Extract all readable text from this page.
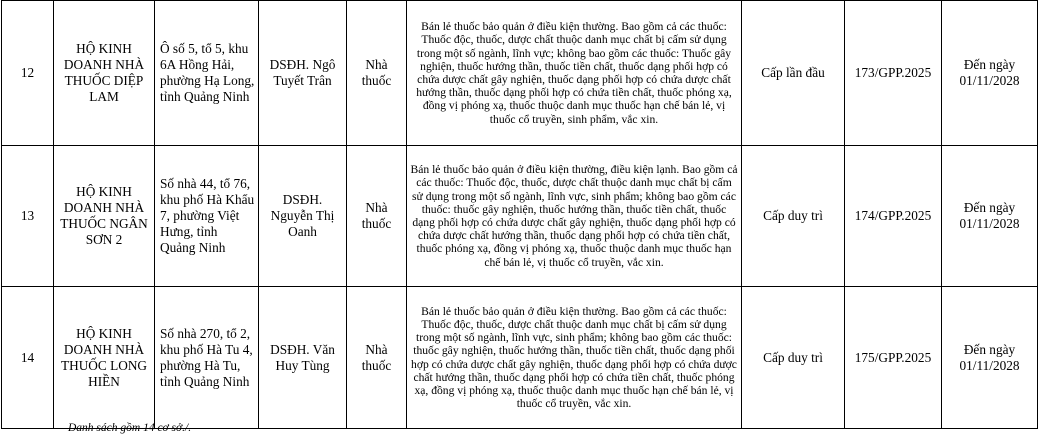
12	HỘ KINH DOANH NHÀ THUỐC DIỆP LAM	Ô số 5, tổ 5, khu 6A Hồng Hải, phường Hạ Long, tỉnh Quảng Ninh	DSĐH. Ngô Tuyết Trân	Nhà thuốc	Bán lẻ thuốc bảo quản ở điều kiện thường. Bao gồm cả các thuốc: Thuốc độc, thuốc, dược chất thuộc danh mục chất bị cấm sử dụng trong một số ngành, lĩnh vực; không bao gồm các thuốc: Thuốc gây nghiện, thuốc hướng thần, thuốc tiền chất, thuốc dạng phối hợp có chứa dược chất gây nghiện, thuốc dạng phối hợp có chứa dược chất hướng thần, thuốc dạng phối hợp có chứa tiền chất, thuốc phóng xạ, đồng vị phóng xạ, thuốc thuộc danh mục thuốc hạn chế bán lẻ, vị thuốc cổ truyền, sinh phẩm, vắc xin.	Cấp lần đầu	173/GPP.2025	Đến ngày 01/11/2028
13	HỘ KINH DOANH NHÀ THUỐC NGÂN SƠN 2	Số nhà 44, tổ 76, khu phố Hà Khẩu 7, phường Việt Hưng, tỉnh Quảng Ninh	DSĐH. Nguyễn Thị Oanh	Nhà thuốc	Bán lẻ thuốc bảo quản ở điều kiện thường, điều kiện lạnh. Bao gồm cả các thuốc: Thuốc độc, thuốc, dược chất thuộc danh mục chất bị cấm sử dụng trong một số ngành, lĩnh vực, sinh phẩm; không bao gồm các thuốc: thuốc gây nghiện, thuốc hướng thần, thuốc tiền chất, thuốc dạng phối hợp có chứa dược chất gây nghiện, thuốc dạng phối hợp có chứa dược chất hướng thần, thuốc dạng phối hợp có chứa tiền chất, thuốc phóng xạ, đồng vị phóng xạ, thuốc thuộc danh mục thuốc hạn chế bán lẻ, vị thuốc cổ truyền, vắc xin.	Cấp duy trì	174/GPP.2025	Đến ngày 01/11/2028
14	HỘ KINH DOANH NHÀ THUỐC LONG HIỀN	Số nhà 270, tổ 2, khu phố Hà Tu 4, phường Hà Tu, tỉnh Quảng Ninh	DSĐH. Văn Huy Tùng	Nhà thuốc	Bán lẻ thuốc bảo quản ở điều kiện thường. Bao gồm cả các thuốc: Thuốc độc, thuốc, dược chất thuộc danh mục chất bị cấm sử dụng trong một số ngành, lĩnh vực, sinh phẩm; không bao gồm các thuốc: thuốc gây nghiện, thuốc hướng thần, thuốc tiền chất, thuốc dạng phối hợp có chứa dược chất gây nghiện, thuốc dạng phối hợp có chứa dược chất hướng thần, thuốc dạng phối hợp có chứa tiền chất, thuốc phóng xạ, đồng vị phóng xạ, thuốc thuộc danh mục thuốc hạn chế bán lẻ, vị thuốc cổ truyền, vắc xin.	Cấp duy trì	175/GPP.2025	Đến ngày 01/11/2028
Danh sách gồm 14 cơ sở./.
